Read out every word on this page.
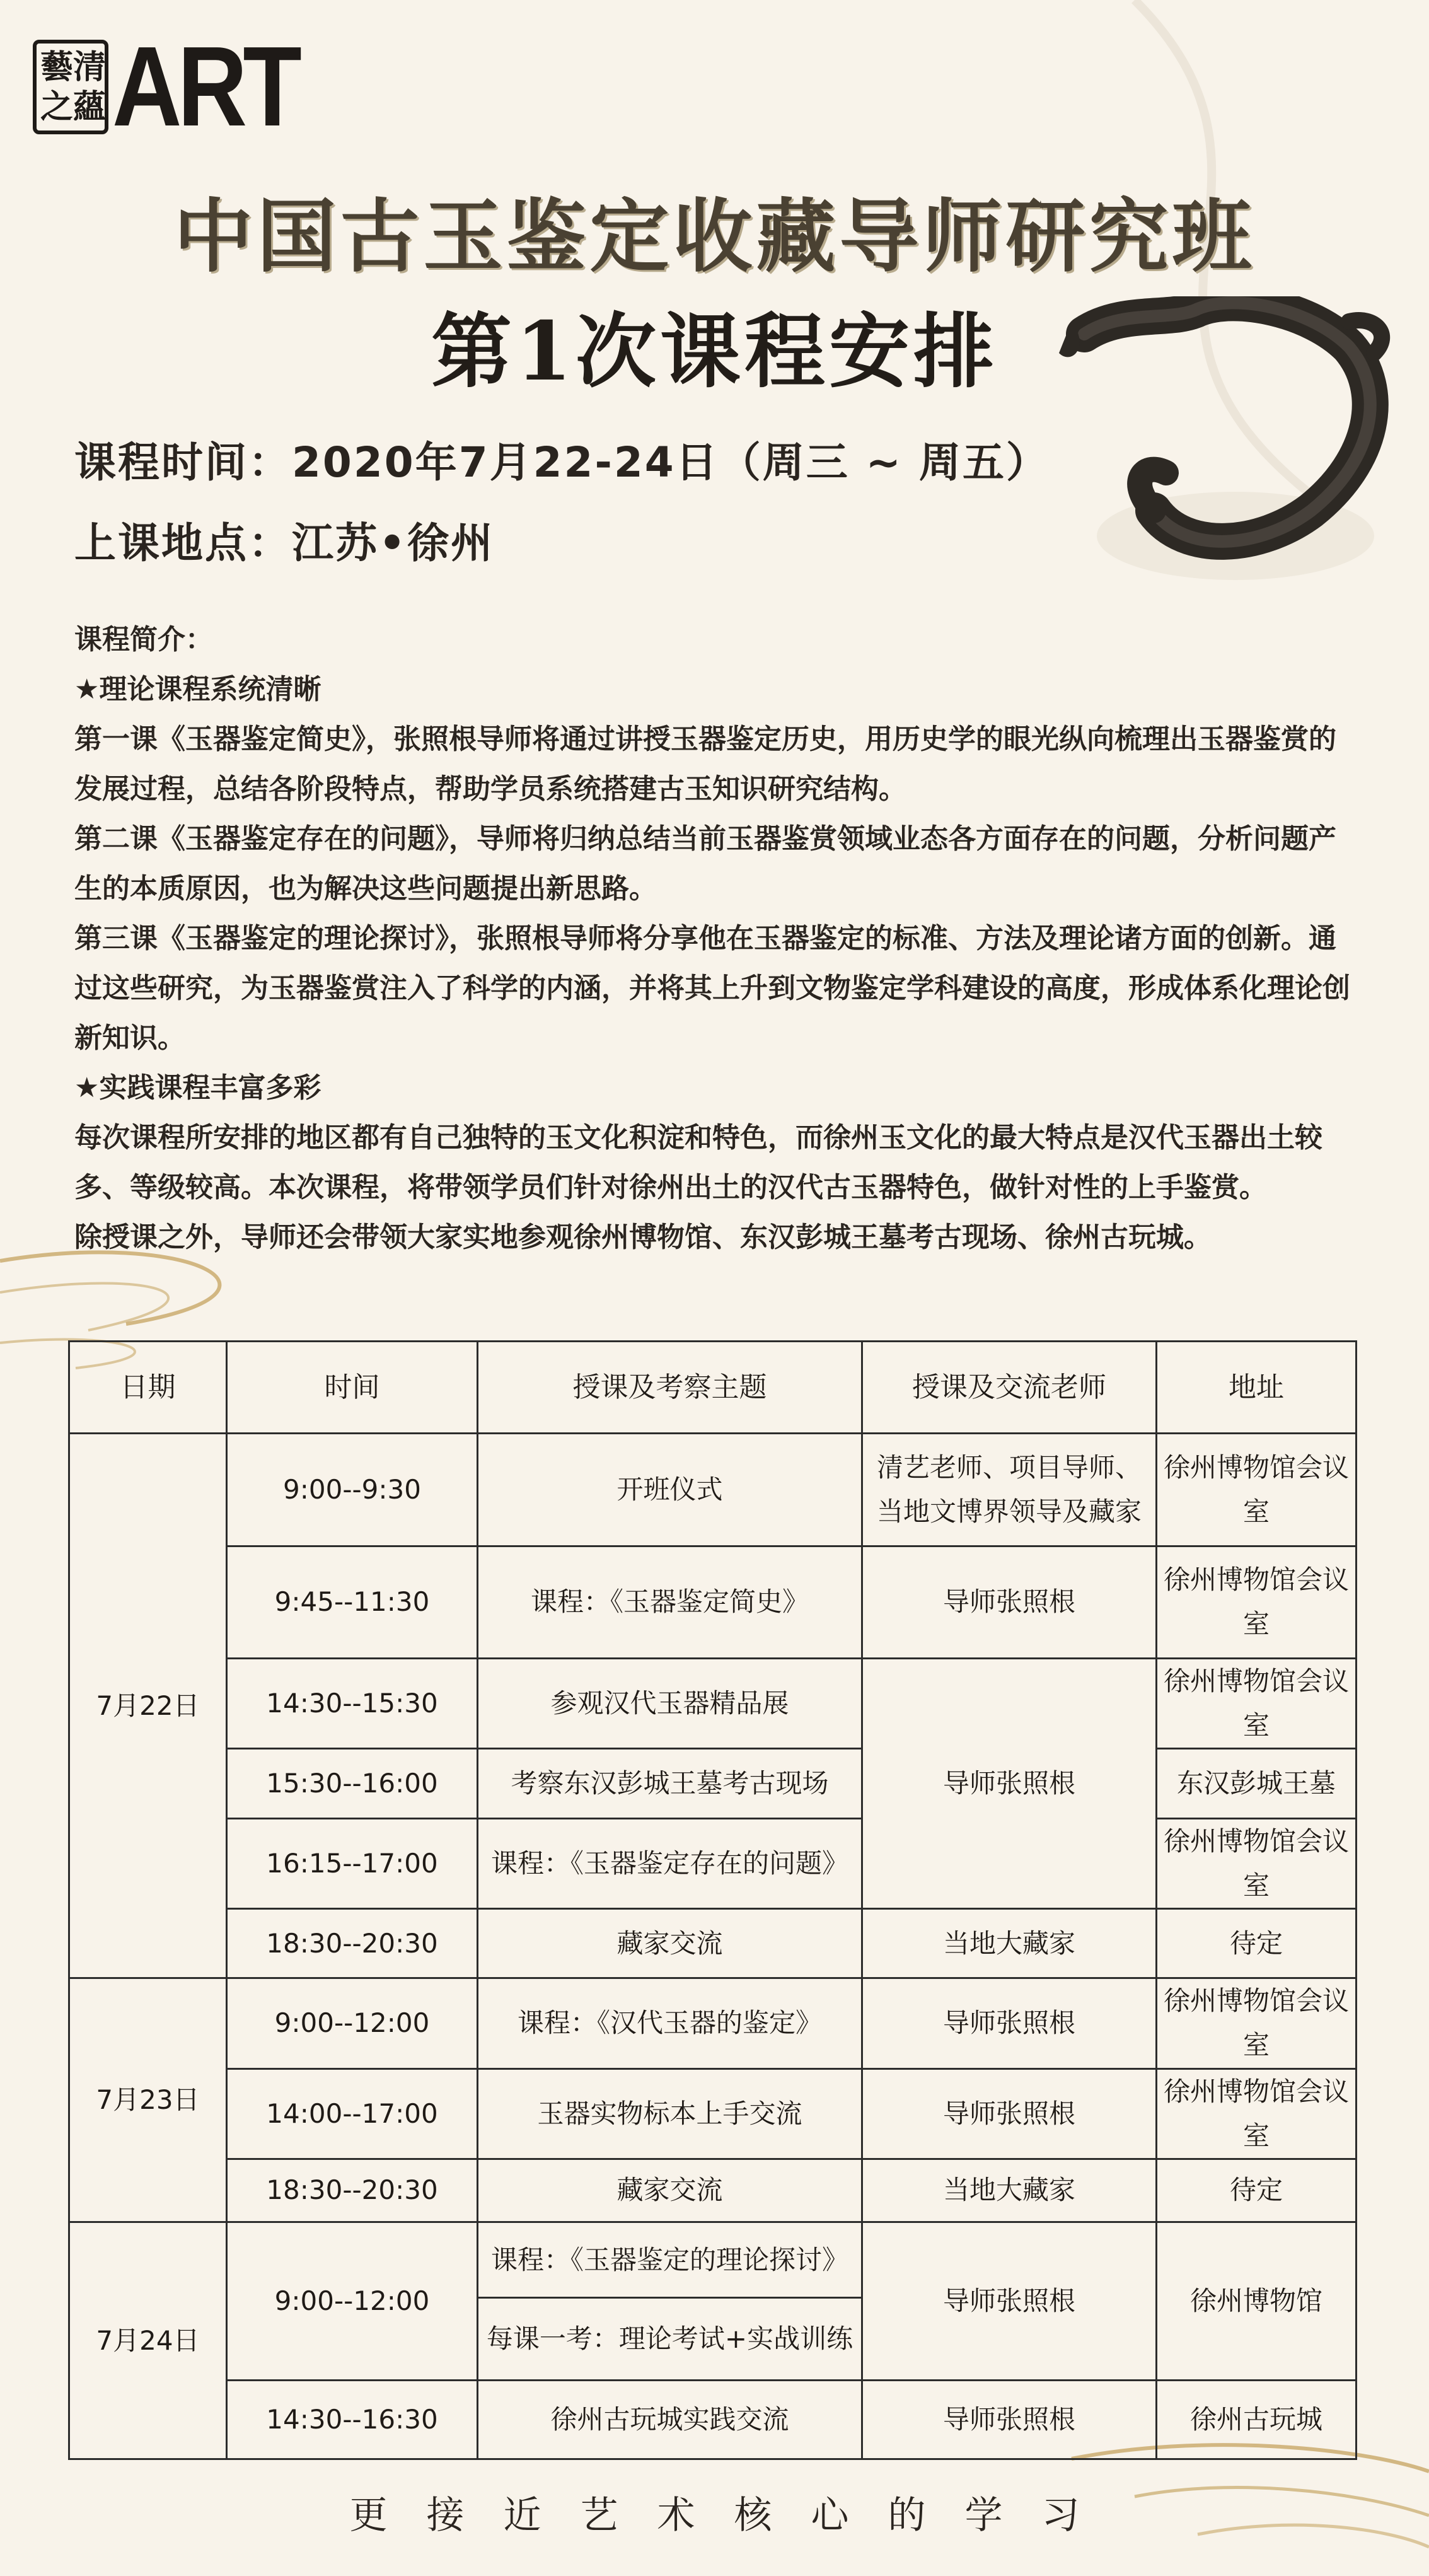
藝 清
之 蘊 ART
中国古玉鉴定收藏导师研究班
第1次课程安排
课程时间：2020年7月22-24日（周三 ~ 周五）
上课地点：江苏•徐州

课程简介：

★理论课程系统清晰

第一课《玉器鉴定简史》，张照根导师将通过讲授玉器鉴定历史，用历史学的眼光纵向梳理出玉器鉴赏的发展过程，总结各阶段特点，帮助学员系统搭建古玉知识研究结构。

第二课《玉器鉴定存在的问题》，导师将归纳总结当前玉器鉴赏领域业态各方面存在的问题，分析问题产生的本质原因，也为解决这些问题提出新思路。

第三课《玉器鉴定的理论探讨》，张照根导师将分享他在玉器鉴定的标准、方法及理论诸方面的创新。通过这些研究，为玉器鉴赏注入了科学的内涵，并将其上升到文物鉴定学科建设的高度，形成体系化理论创新知识。

★实践课程丰富多彩

每次课程所安排的地区都有自己独特的玉文化积淀和特色，而徐州玉文化的最大特点是汉代玉器出土较多、等级较高。本次课程，将带领学员们针对徐州出土的汉代古玉器特色，做针对性的上手鉴赏。

除授课之外，导师还会带领大家实地参观徐州博物馆、东汉彭城王墓考古现场、徐州古玩城。

日期	时间	授课及考察主题	授课及交流老师	地址
7月22日	9:00--9:30	开班仪式	清艺老师、项目导师、当地文博界领导及藏家	徐州博物馆会议室
	9:45--11:30	课程：《玉器鉴定简史》	导师张照根	徐州博物馆会议室
	14:30--15:30	参观汉代玉器精品展	导师张照根	徐州博物馆会议室
	15:30--16:00	考察东汉彭城王墓考古现场		东汉彭城王墓
	16:15--17:00	课程：《玉器鉴定存在的问题》		徐州博物馆会议室
	18:30--20:30	藏家交流	当地大藏家	待定
7月23日	9:00--12:00	课程：《汉代玉器的鉴定》	导师张照根	徐州博物馆会议室
	14:00--17:00	玉器实物标本上手交流	导师张照根	徐州博物馆会议室
	18:30--20:30	藏家交流	当地大藏家	待定
7月24日	9:00--12:00	课程：《玉器鉴定的理论探讨》	导师张照根	徐州博物馆
		每课一考：理论考试+实战训练		
	14:30--16:30	徐州古玩城实践交流	导师张照根	徐州古玩城
更接近艺术核心的学习
